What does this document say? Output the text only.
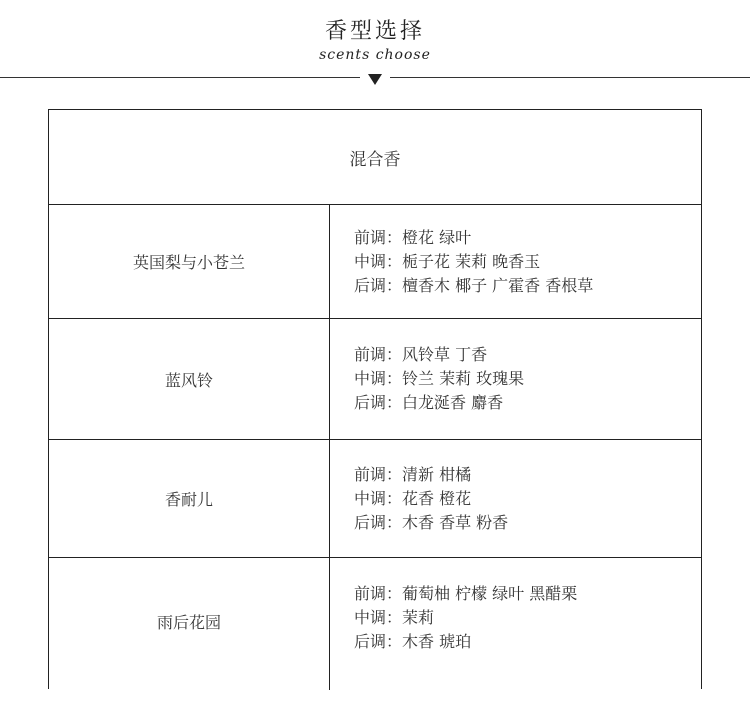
香型选择
scents choose
混合香
英国梨与小苍兰
前调：橙花 绿叶
中调：栀子花 茉莉 晚香玉
后调：檀香木 椰子 广霍香 香根草
蓝风铃
前调：风铃草 丁香
中调：铃兰 茉莉 玫瑰果
后调：白龙涎香 麝香
香耐儿
前调：清新 柑橘
中调：花香 橙花
后调：木香 香草 粉香
雨后花园
前调：葡萄柚 柠檬 绿叶 黑醋栗
中调：茉莉
后调：木香 琥珀
